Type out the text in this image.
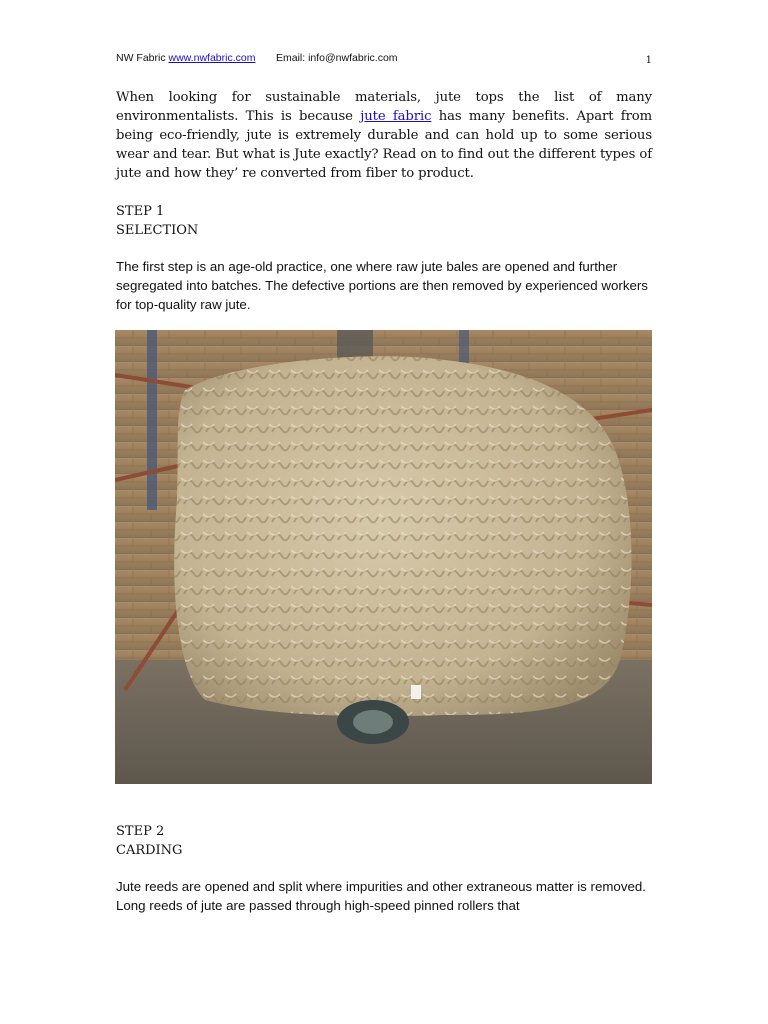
NW Fabric www.nwfabric.com Email: info@nwfabric.com	1

When looking for sustainable materials, jute tops the list of many environmentalists. This is because jute fabric has many benefits. Apart from being eco-friendly, jute is extremely durable and can hold up to some serious wear and tear. But what is Jute exactly? Read on to find out the different types of jute and how they’ re converted from fiber to product.

STEP 1
SELECTION

The first step is an age-old practice, one where raw jute bales are opened and further segregated into batches. The defective portions are then removed by experienced workers for top-quality raw jute.

STEP 2
CARDING

Jute reeds are opened and split where impurities and other extraneous matter is removed. Long reeds of jute are passed through high-speed pinned rollers that
